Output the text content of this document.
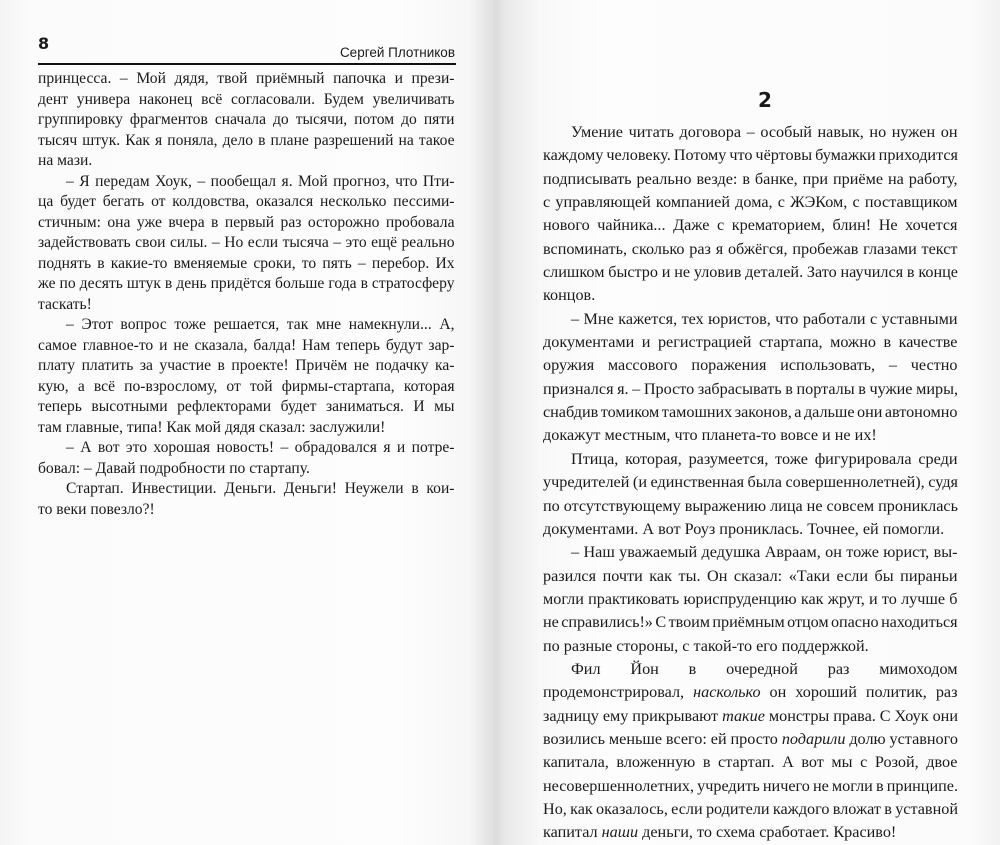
8	Сергей Плотников
принцесса. – Мой дядя, твой приёмный папочка и прези-
дент универа наконец всё согласовали. Будем увеличивать
группировку фрагментов сначала до тысячи, потом до пяти
тысяч штук. Как я поняла, дело в плане разрешений на такое
на мази.
– Я передам Хоук, – пообещал я. Мой прогноз, что Пти-
ца будет бегать от колдовства, оказался несколько пессими-
стичным: она уже вчера в первый раз осторожно пробовала
задействовать свои силы. – Но если тысяча – это ещё реально
поднять в какие-то вменяемые сроки, то пять – перебор. Их
же по десять штук в день придётся больше года в стратосферу
таскать!
– Этот вопрос тоже решается, так мне намекнули... А,
самое главное-то и не сказала, балда! Нам теперь будут зар-
плату платить за участие в проекте! Причём не подачку ка-
кую, а всё по-взрослому, от той фирмы-стартапа, которая
теперь высотными рефлекторами будет заниматься. И мы
там главные, типа! Как мой дядя сказал: заслужили!
– А вот это хорошая новость! – обрадовался я и потре-
бовал: – Давай подробности по стартапу.
Стартап. Инвестиции. Деньги. Деньги! Неужели в кои-
то веки повезло?!
2
Умение читать договора – особый навык, но нужен он
каждому человеку. Потому что чёртовы бумажки приходится
подписывать реально везде: в банке, при приёме на работу,
с управляющей компанией дома, с ЖЭКом, с поставщиком
нового чайника... Даже с крематорием, блин! Не хочется
вспоминать, сколько раз я обжёгся, пробежав глазами текст
слишком быстро и не уловив деталей. Зато научился в конце
концов.
– Мне кажется, тех юристов, что работали с уставными
документами и регистрацией стартапа, можно в качестве
оружия массового поражения использовать, – честно
признался я. – Просто забрасывать в порталы в чужие миры,
снабдив томиком тамошних законов, а дальше они автономно
докажут местным, что планета-то вовсе и не их!
Птица, которая, разумеется, тоже фигурировала среди
учредителей (и единственная была совершеннолетней), судя
по отсутствующему выражению лица не совсем прониклась
документами. А вот Роуз прониклась. Точнее, ей помогли.
– Наш уважаемый дедушка Авраам, он тоже юрист, вы-
разился почти как ты. Он сказал: «Таки если бы пираньи
могли практиковать юриспруденцию как жрут, и то лучше б
не справились!» С твоим приёмным отцом опасно находиться
по разные стороны, с такой-то его поддержкой.
Фил Йон в очередной раз мимоходом
продемонстрировал, насколько он хороший политик, раз
задницу ему прикрывают такие монстры права. С Хоук они
возились меньше всего: ей просто подарили долю уставного
капитала, вложенную в стартап. А вот мы с Розой, двое
несовершеннолетних, учредить ничего не могли в принципе.
Но, как оказалось, если родители каждого вложат в уставной
капитал наши деньги, то схема сработает. Красиво!
